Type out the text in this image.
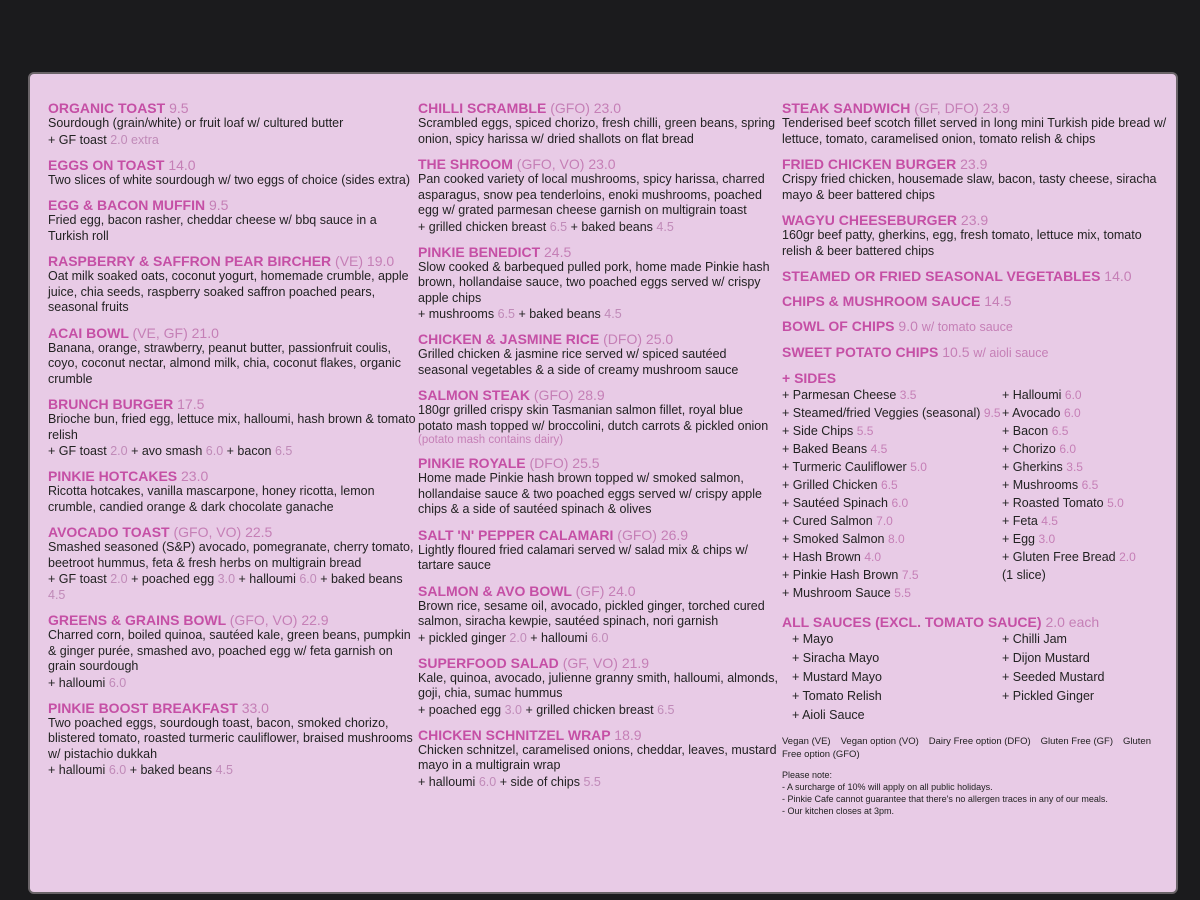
ORGANIC TOAST 9.5
Sourdough (grain/white) or fruit loaf w/ cultured butter
+ GF toast 2.0 extra
EGGS ON TOAST 14.0
Two slices of white sourdough w/ two eggs of choice (sides extra)
EGG & BACON MUFFIN 9.5
Fried egg, bacon rasher, cheddar cheese w/ bbq sauce in a Turkish roll
RASPBERRY & SAFFRON PEAR BIRCHER (VE) 19.0
Oat milk soaked oats, coconut yogurt, homemade crumble, apple juice, chia seeds, raspberry soaked saffron poached pears, seasonal fruits
ACAI BOWL (VE, GF) 21.0
Banana, orange, strawberry, peanut butter, passionfruit coulis, coyo, coconut nectar, almond milk, chia, coconut flakes, organic crumble
BRUNCH BURGER 17.5
Brioche bun, fried egg, lettuce mix, halloumi, hash brown & tomato relish
+ GF toast 2.0 + avo smash 6.0 + bacon 6.5
PINKIE HOTCAKES 23.0
Ricotta hotcakes, vanilla mascarpone, honey ricotta, lemon crumble, candied orange & dark chocolate ganache
AVOCADO TOAST (GFO, VO) 22.5
Smashed seasoned (S&P) avocado, pomegranate, cherry tomato, beetroot hummus, feta & fresh herbs on multigrain bread
+ GF toast 2.0 + poached egg 3.0 + halloumi 6.0 + baked beans 4.5
GREENS & GRAINS BOWL (GFO, VO) 22.9
Charred corn, boiled quinoa, sautéed kale, green beans, pumpkin & ginger purée, smashed avo, poached egg w/ feta garnish on grain sourdough
+ halloumi 6.0
PINKIE BOOST BREAKFAST 33.0
Two poached eggs, sourdough toast, bacon, smoked chorizo, blistered tomato, roasted turmeric cauliflower, braised mushrooms w/ pistachio dukkah
+ halloumi 6.0 + baked beans 4.5
CHILLI SCRAMBLE (GFO) 23.0
Scrambled eggs, spiced chorizo, fresh chilli, green beans, spring onion, spicy harissa w/ dried shallots on flat bread
THE SHROOM (GFO, VO) 23.0
Pan cooked variety of local mushrooms, spicy harissa, charred asparagus, snow pea tenderloins, enoki mushrooms, poached egg w/ grated parmesan cheese garnish on multigrain toast
+ grilled chicken breast 6.5 + baked beans 4.5
PINKIE BENEDICT 24.5
Slow cooked & barbequed pulled pork, home made Pinkie hash brown, hollandaise sauce, two poached eggs served w/ crispy apple chips
+ mushrooms 6.5 + baked beans 4.5
CHICKEN & JASMINE RICE (DFO) 25.0
Grilled chicken & jasmine rice served w/ spiced sautéed seasonal vegetables & a side of creamy mushroom sauce
SALMON STEAK (GFO) 28.9
180gr grilled crispy skin Tasmanian salmon fillet, royal blue potato mash topped w/ broccolini, dutch carrots & pickled onion
(potato mash contains dairy)
PINKIE ROYALE (DFO) 25.5
Home made Pinkie hash brown topped w/ smoked salmon, hollandaise sauce & two poached eggs served w/ crispy apple chips & a side of sautéed spinach & olives
SALT 'N' PEPPER CALAMARI (GFO) 26.9
Lightly floured fried calamari served w/ salad mix & chips w/ tartare sauce
SALMON & AVO BOWL (GF) 24.0
Brown rice, sesame oil, avocado, pickled ginger, torched cured salmon, siracha kewpie, sautéed spinach, nori garnish
+ pickled ginger 2.0 + halloumi 6.0
SUPERFOOD SALAD (GF, VO) 21.9
Kale, quinoa, avocado, julienne granny smith, halloumi, almonds, goji, chia, sumac hummus
+ poached egg 3.0 + grilled chicken breast 6.5
CHICKEN SCHNITZEL WRAP 18.9
Chicken schnitzel, caramelised onions, cheddar, leaves, mustard mayo in a multigrain wrap
+ halloumi 6.0 + side of chips 5.5
STEAK SANDWICH (GF, DFO) 23.9
Tenderised beef scotch fillet served in long mini Turkish pide bread w/ lettuce, tomato, caramelised onion, tomato relish & chips
FRIED CHICKEN BURGER 23.9
Crispy fried chicken, housemade slaw, bacon, tasty cheese, siracha mayo & beer battered chips
WAGYU CHEESEBURGER 23.9
160gr beef patty, gherkins, egg, fresh tomato, lettuce mix, tomato relish & beer battered chips
STEAMED OR FRIED SEASONAL VEGETABLES 14.0
CHIPS & MUSHROOM SAUCE 14.5
BOWL OF CHIPS 9.0 w/ tomato sauce
SWEET POTATO CHIPS 10.5 w/ aioli sauce
+ SIDES
+ Parmesan Cheese 3.5
+ Steamed/fried Veggies (seasonal) 9.5
+ Side Chips 5.5
+ Baked Beans 4.5
+ Turmeric Cauliflower 5.0
+ Grilled Chicken 6.5
+ Sautéed Spinach 6.0
+ Cured Salmon 7.0
+ Smoked Salmon 8.0
+ Hash Brown 4.0
+ Pinkie Hash Brown 7.5
+ Mushroom Sauce 5.5
+ Halloumi 6.0
+ Avocado 6.0
+ Bacon 6.5
+ Chorizo 6.0
+ Gherkins 3.5
+ Mushrooms 6.5
+ Roasted Tomato 5.0
+ Feta 4.5
+ Egg 3.0
+ Gluten Free Bread 2.0
(1 slice)
ALL SAUCES (EXCL. TOMATO SAUCE) 2.0 each
+ Mayo
+ Siracha Mayo
+ Mustard Mayo
+ Tomato Relish
+ Aioli Sauce
+ Chilli Jam
+ Dijon Mustard
+ Seeded Mustard
+ Pickled Ginger
Vegan (VE) Vegan option (VO) Dairy Free option (DFO) Gluten Free (GF) Gluten Free option (GFO)
Please note:
- A surcharge of 10% will apply on all public holidays.
- Pinkie Cafe cannot guarantee that there's no allergen traces in any of our meals.
- Our kitchen closes at 3pm.
